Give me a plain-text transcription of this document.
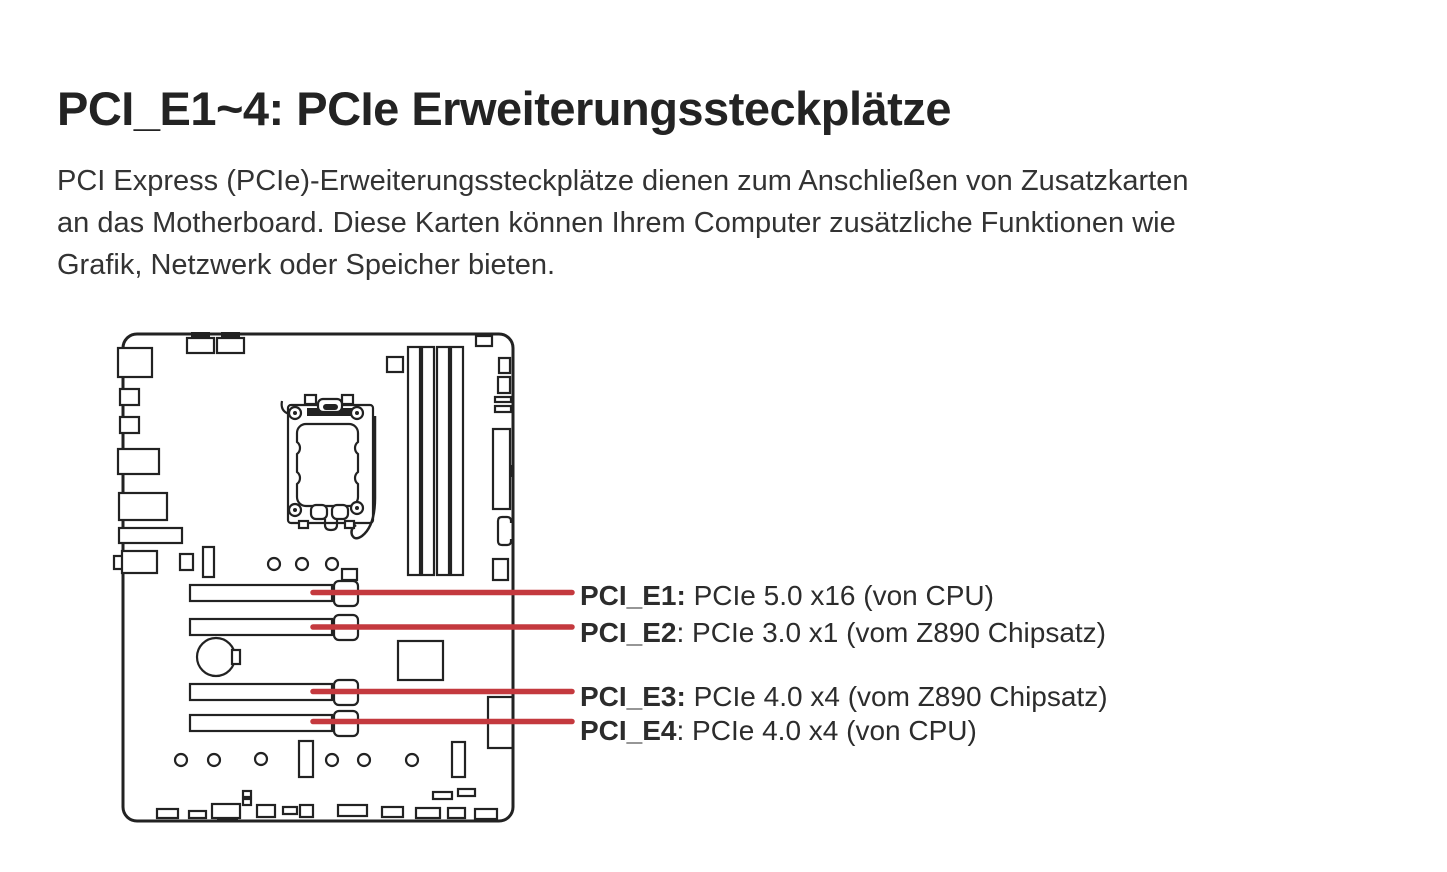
PCI_E1~4: PCIe Erweiterungssteckplätze
PCI Express (PCIe)-Erweiterungssteckplätze dienen zum Anschließen von Zusatzkarten
an das Motherboard. Diese Karten können Ihrem Computer zusätzliche Funktionen wie
Grafik, Netzwerk oder Speicher bieten.
PCI_E1: PCIe 5.0 x16 (von CPU)
PCI_E2: PCIe 3.0 x1 (vom Z890 Chipsatz)
PCI_E3: PCIe 4.0 x4 (vom Z890 Chipsatz)
PCI_E4: PCIe 4.0 x4 (von CPU)
